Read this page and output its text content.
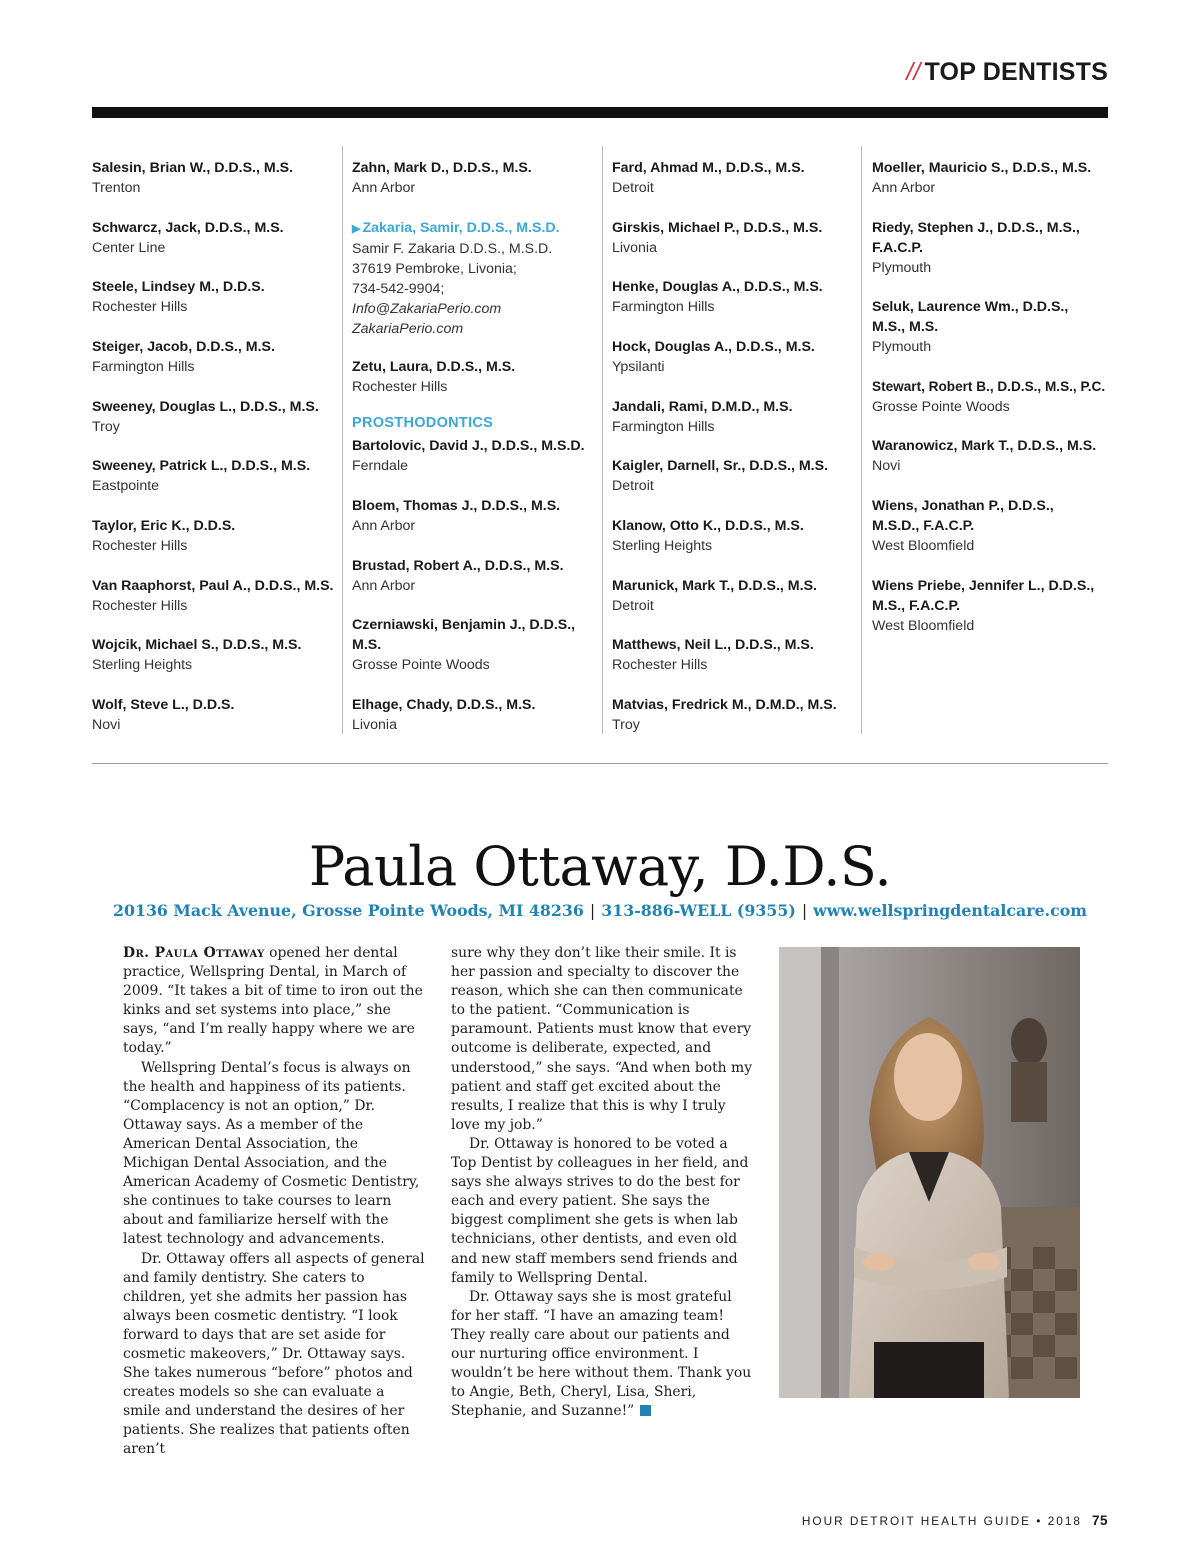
// TOP DENTISTS
Salesin, Brian W., D.D.S., M.S.
Trenton
Schwarcz, Jack, D.D.S., M.S.
Center Line
Steele, Lindsey M., D.D.S.
Rochester Hills
Steiger, Jacob, D.D.S., M.S.
Farmington Hills
Sweeney, Douglas L., D.D.S., M.S.
Troy
Sweeney, Patrick L., D.D.S., M.S.
Eastpointe
Taylor, Eric K., D.D.S.
Rochester Hills
Van Raaphorst, Paul A., D.D.S., M.S.
Rochester Hills
Wojcik, Michael S., D.D.S., M.S.
Sterling Heights
Wolf, Steve L., D.D.S.
Novi
Zahn, Mark D., D.D.S., M.S.
Ann Arbor
▶ Zakaria, Samir, D.D.S., M.S.D.
Samir F. Zakaria D.D.S., M.S.D.
37619 Pembroke, Livonia;
734-542-9904;
Info@ZakariaPerio.com
ZakariaPerio.com
Zetu, Laura, D.D.S., M.S.
Rochester Hills
PROSTHODONTICS
Bartolovic, David J., D.D.S., M.S.D.
Ferndale
Bloem, Thomas J., D.D.S., M.S.
Ann Arbor
Brustad, Robert A., D.D.S., M.S.
Ann Arbor
Czerniawski, Benjamin J., D.D.S.,
M.S.
Grosse Pointe Woods
Elhage, Chady, D.D.S., M.S.
Livonia
Fard, Ahmad M., D.D.S., M.S.
Detroit
Girskis, Michael P., D.D.S., M.S.
Livonia
Henke, Douglas A., D.D.S., M.S.
Farmington Hills
Hock, Douglas A., D.D.S., M.S.
Ypsilanti
Jandali, Rami, D.M.D., M.S.
Farmington Hills
Kaigler, Darnell, Sr., D.D.S., M.S.
Detroit
Klanow, Otto K., D.D.S., M.S.
Sterling Heights
Marunick, Mark T., D.D.S., M.S.
Detroit
Matthews, Neil L., D.D.S., M.S.
Rochester Hills
Matvias, Fredrick M., D.M.D., M.S.
Troy
Moeller, Mauricio S., D.D.S., M.S.
Ann Arbor
Riedy, Stephen J., D.D.S., M.S.,
F.A.C.P.
Plymouth
Seluk, Laurence Wm., D.D.S.,
M.S., M.S.
Plymouth
Stewart, Robert B., D.D.S., M.S., P.C.
Grosse Pointe Woods
Waranowicz, Mark T., D.D.S., M.S.
Novi
Wiens, Jonathan P., D.D.S.,
M.S.D., F.A.C.P.
West Bloomfield
Wiens Priebe, Jennifer L., D.D.S.,
M.S., F.A.C.P.
West Bloomfield
Paula Ottaway, D.D.S.
20136 Mack Avenue, Grosse Pointe Woods, MI 48236 | 313-886-WELL (9355) | www.wellspringdentalcare.com

Dr. Paula Ottaway opened her dental practice, Wellspring Dental, in March of 2009. “It takes a bit of time to iron out the kinks and set systems into place,” she says, “and I’m really happy where we are today.”

Wellspring Dental’s focus is always on the health and happiness of its patients. “Complacency is not an option,” Dr. Ottaway says. As a member of the American Dental Association, the Michigan Dental Association, and the American Academy of Cosmetic Dentistry, she continues to take courses to learn about and familiarize herself with the latest technology and advancements.

Dr. Ottaway offers all aspects of general and family dentistry. She caters to children, yet she admits her passion has always been cosmetic dentistry. “I look forward to days that are set aside for cosmetic makeovers,” Dr. Ottaway says. She takes numerous “before” photos and creates models so she can evaluate a smile and understand the desires of her patients. She realizes that patients often aren’t

sure why they don’t like their smile. It is her passion and specialty to discover the reason, which she can then communicate to the patient. “Communication is paramount. Patients must know that every outcome is deliberate, expected, and understood,” she says. “And when both my patient and staff get excited about the results, I realize that this is why I truly love my job.”

Dr. Ottaway is honored to be voted a Top Dentist by colleagues in her field, and says she always strives to do the best for each and every patient. She says the biggest compliment she gets is when lab technicians, other dentists, and even old and new staff members send friends and family to Wellspring Dental.

Dr. Ottaway says she is most grateful for her staff. “I have an amazing team! They really care about our patients and our nurturing office environment. I wouldn’t be here without them. Thank you to Angie, Beth, Cheryl, Lisa, Sheri, Stephanie, and Suzanne!”

HOUR DETROIT HEALTH GUIDE • 2018 75
